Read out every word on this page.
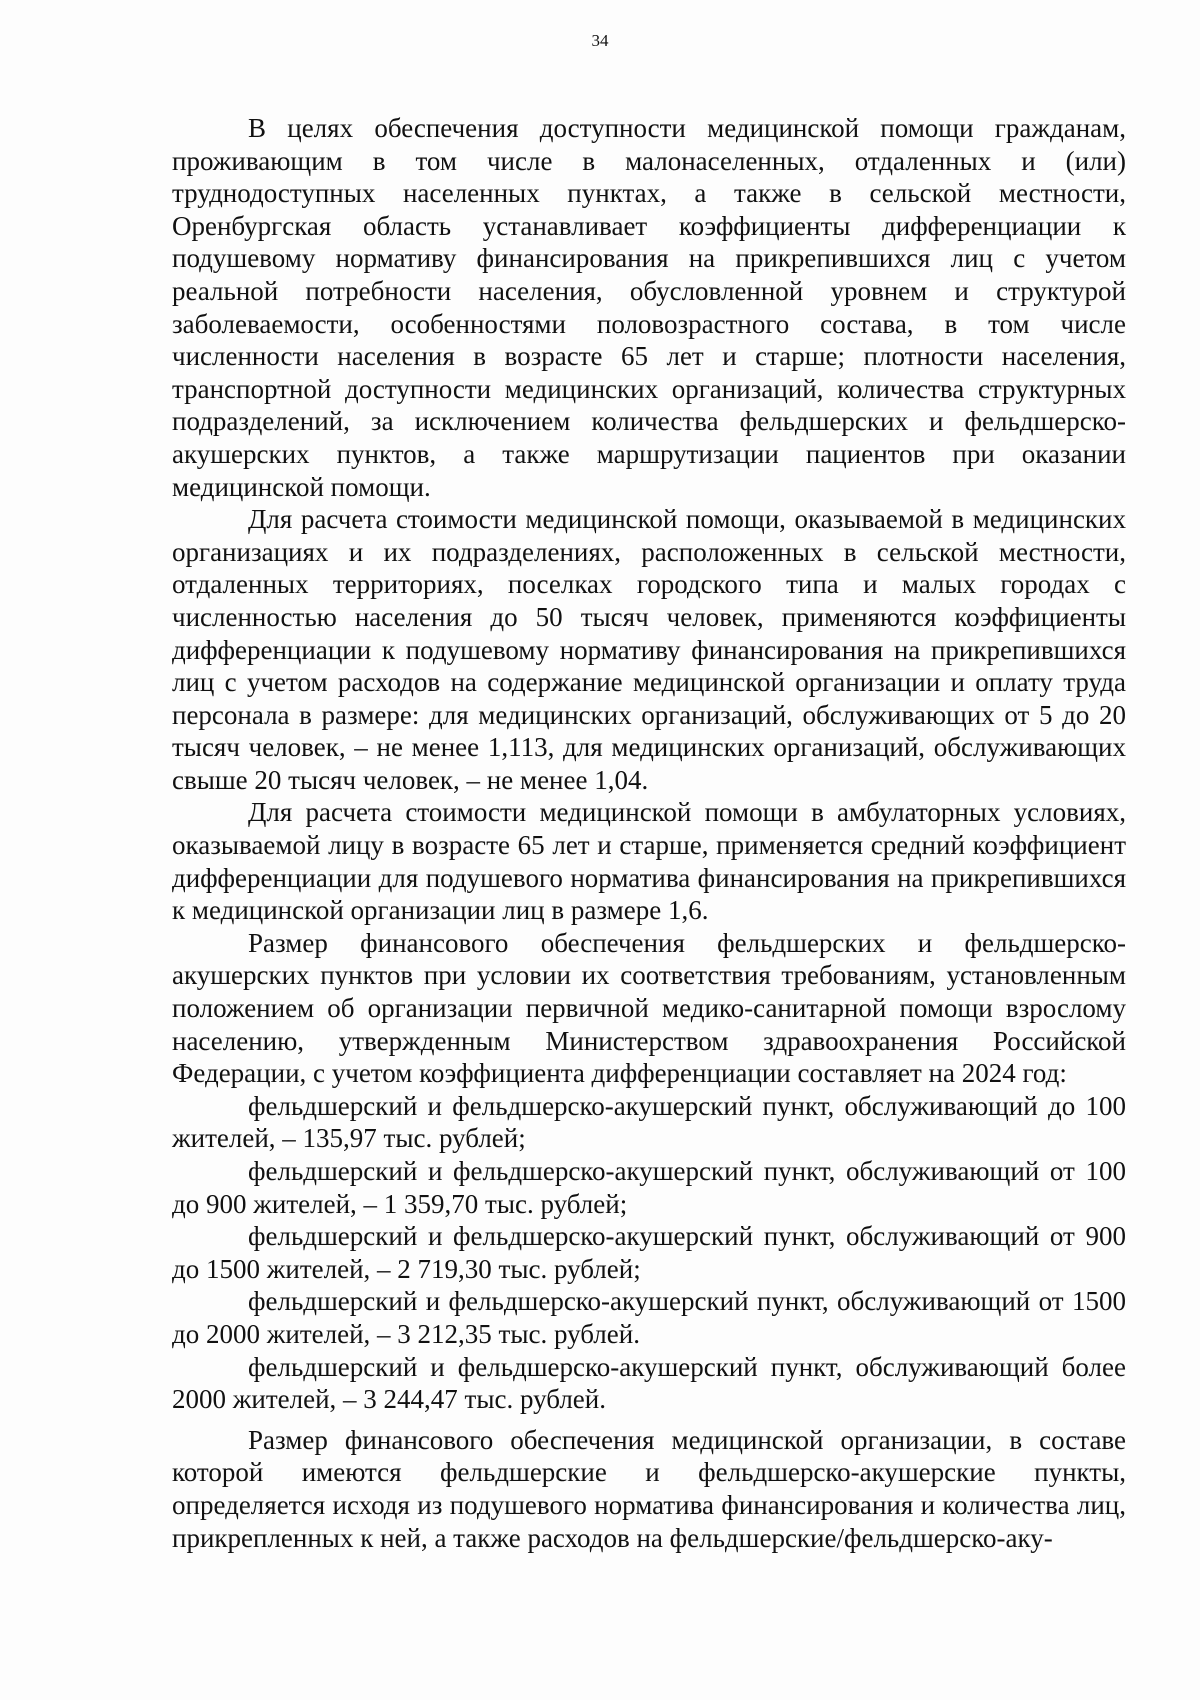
34

В целях обеспечения доступности медицинской помощи гражданам, проживающим в том числе в малонаселенных, отдаленных и (или) труднодоступных населенных пунктах, а также в сельской местности, Оренбургская область устанавливает коэффициенты дифференциации к подушевому нормативу финансирования на прикрепившихся лиц с учетом реальной потребности населения, обусловленной уровнем и структурой заболеваемости, особенностями половозрастного состава, в том числе численности населения в возрасте 65 лет и старше; плотности населения, транспортной доступности медицинских организаций, количества структурных подразделений, за исключением количества фельдшерских и фельдшерско-акушерских пунктов, а также маршрутизации пациентов при оказании медицинской помощи.

Для расчета стоимости медицинской помощи, оказываемой в медицинских организациях и их подразделениях, расположенных в сельской местности, отдаленных территориях, поселках городского типа и малых городах с численностью населения до 50 тысяч человек, применяются коэффициенты дифференциации к подушевому нормативу финансирования на прикрепившихся лиц с учетом расходов на содержание медицинской организации и оплату труда персонала в размере: для медицинских организаций, обслуживающих от 5 до 20 тысяч человек, – не менее 1,113, для медицинских организаций, обслуживающих свыше 20 тысяч человек, – не менее 1,04.

Для расчета стоимости медицинской помощи в амбулаторных условиях, оказываемой лицу в возрасте 65 лет и старше, применяется средний коэффициент дифференциации для подушевого норматива финансирования на прикрепившихся к медицинской организации лиц в размере 1,6.

Размер финансового обеспечения фельдшерских и фельдшерско-акушерских пунктов при условии их соответствия требованиям, установленным положением об организации первичной медико-санитарной помощи взрослому населению, утвержденным Министерством здравоохранения Российской Федерации, с учетом коэффициента дифференциации составляет на 2024 год:

фельдшерский и фельдшерско-акушерский пункт, обслуживающий до 100 жителей, – 135,97 тыс. рублей;

фельдшерский и фельдшерско-акушерский пункт, обслуживающий от 100 до 900 жителей, – 1 359,70 тыс. рублей;

фельдшерский и фельдшерско-акушерский пункт, обслуживающий от 900 до 1500 жителей, – 2 719,30 тыс. рублей;

фельдшерский и фельдшерско-акушерский пункт, обслуживающий от 1500 до 2000 жителей, – 3 212,35 тыс. рублей.

фельдшерский и фельдшерско-акушерский пункт, обслуживающий более 2000 жителей, – 3 244,47 тыс. рублей.

Размер финансового обеспечения медицинской организации, в составе которой имеются фельдшерские и фельдшерско-акушерские пункты, определяется исходя из подушевого норматива финансирования и количества лиц, прикрепленных к ней, а также расходов на фельдшерские/фельдшерско-аку-
